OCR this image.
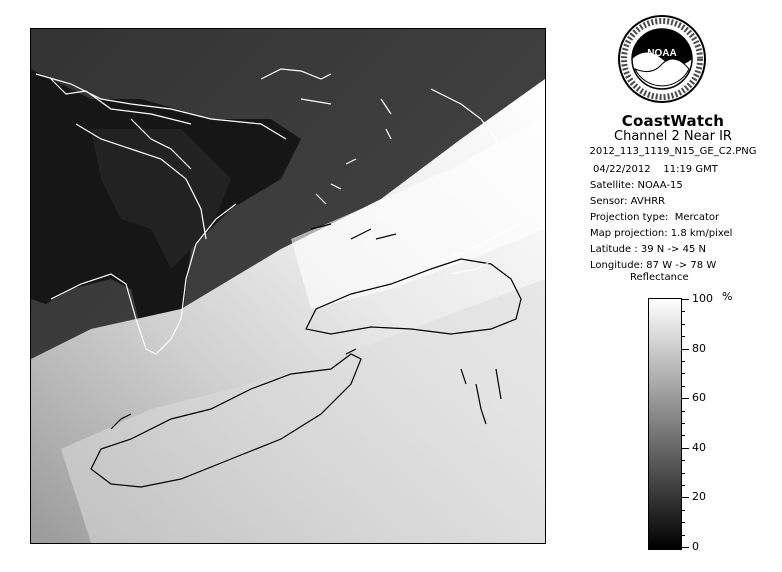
NOAA
CoastWatch
Channel 2 Near IR
2012_113_1119_N15_GE_C2.PNG
04/22/2012    11:19 GMT
Satellite: NOAA-15
Sensor: AVHRR
Projection type:  Mercator
Map projection: 1.8 km/pixel
Latitude : 39 N -> 45 N
Longitude: 87 W -> 78 W
Reflectance
%
100
80
60
40
20
0
